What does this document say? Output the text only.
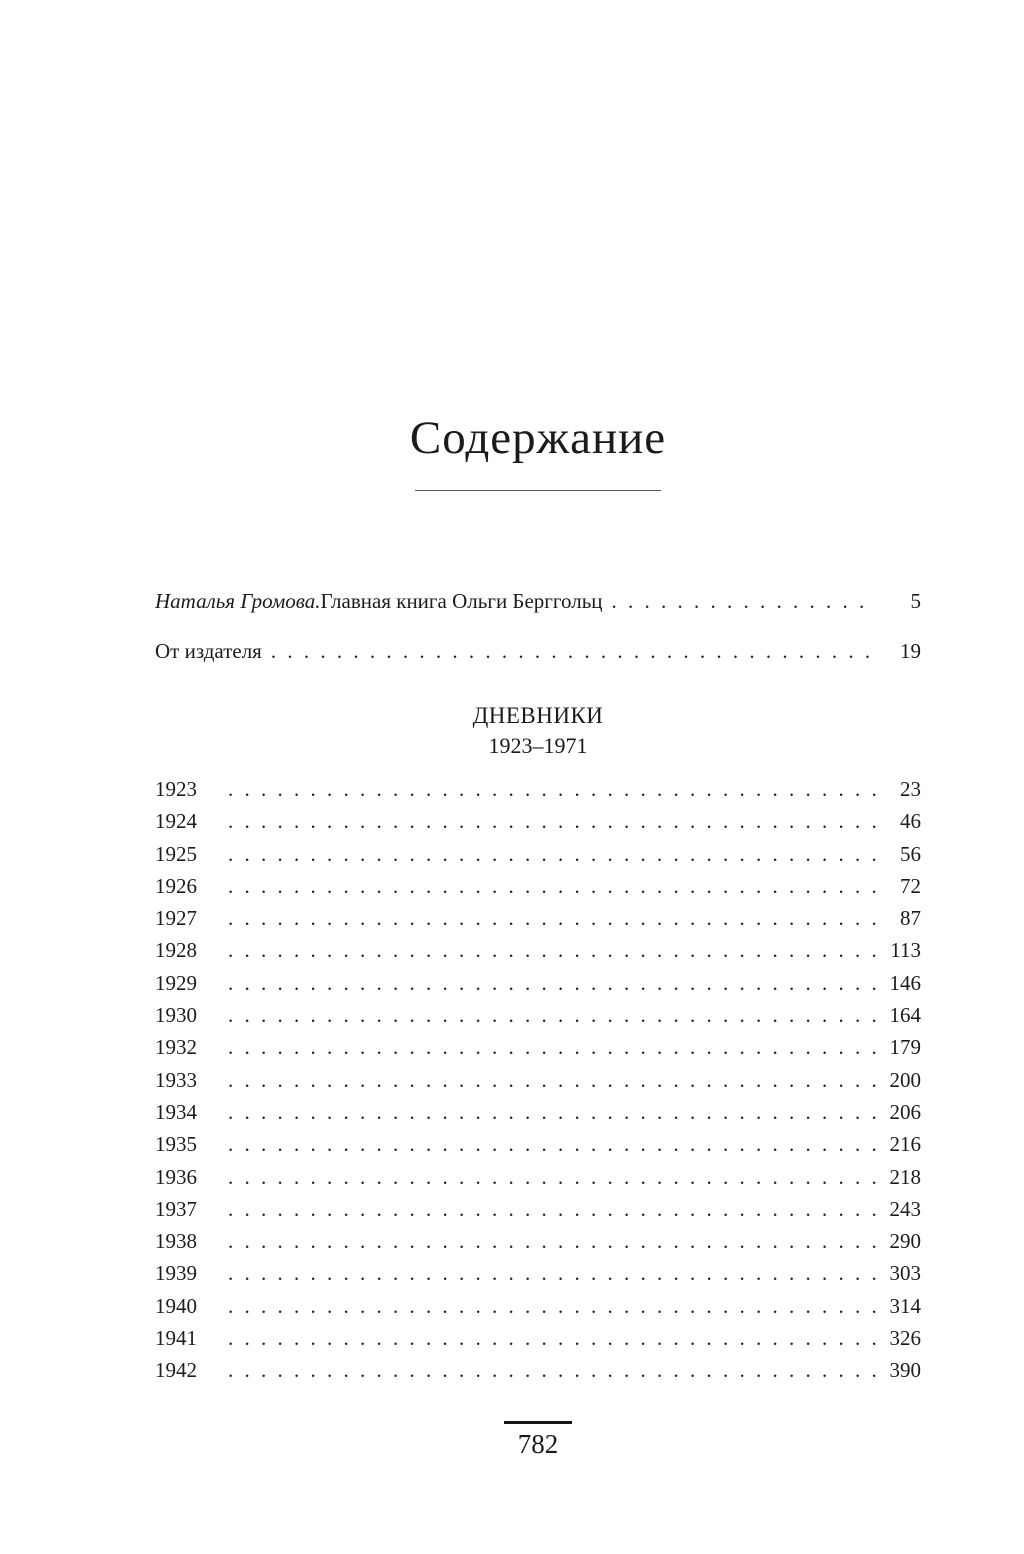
Содержание
Наталья Громова. Главная книга Ольги Берггольц . . .	5
От издателя . . .	19
ДНЕВНИКИ
1923–1971
1923 . . .	23
1924 . . .	46
1925 . . .	56
1926 . . .	72
1927 . . .	87
1928 . . .	113
1929 . . .	146
1930 . . .	164
1932 . . .	179
1933 . . .	200
1934 . . .	206
1935 . . .	216
1936 . . .	218
1937 . . .	243
1938 . . .	290
1939 . . .	303
1940 . . .	314
1941 . . .	326
1942 . . .	390
782
